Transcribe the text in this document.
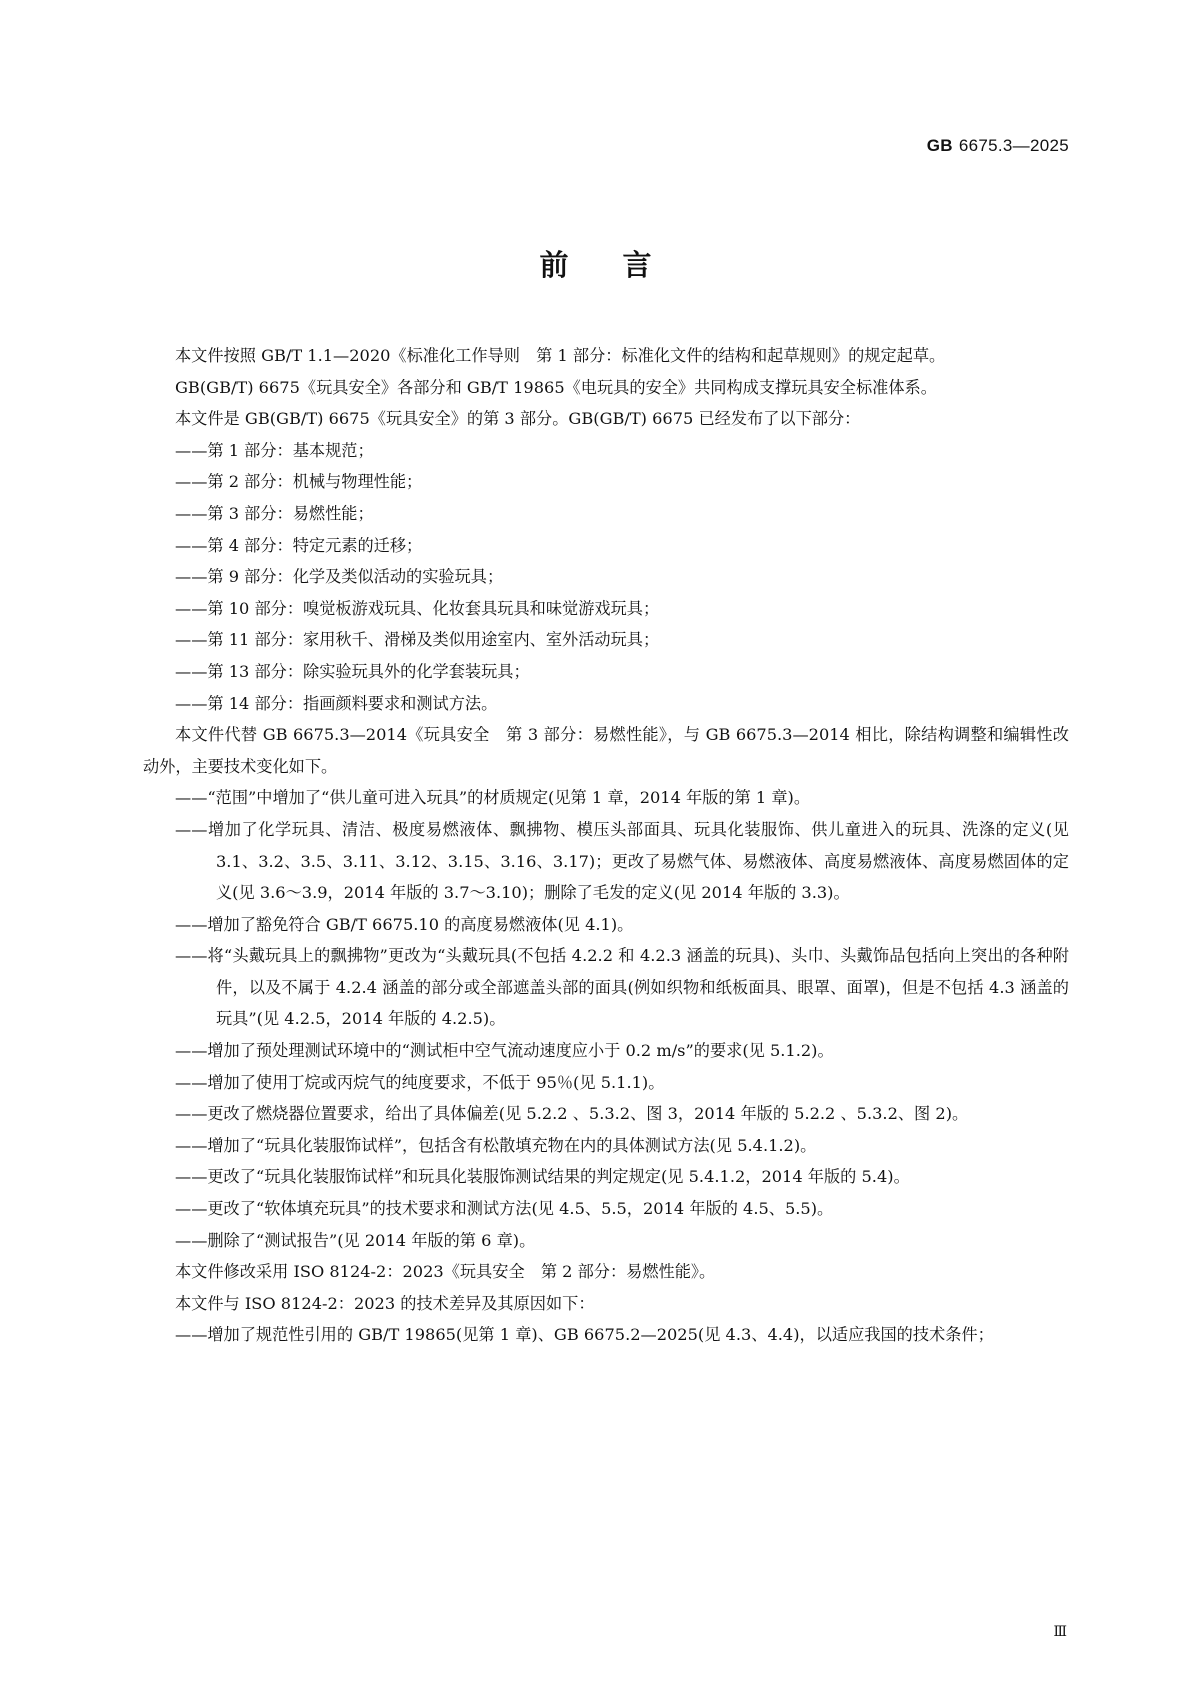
GB 6675.3—2025
前言

本文件按照 GB/T 1.1—2020《标准化工作导则　第 1 部分：标准化文件的结构和起草规则》的规定起草。

GB(GB/T) 6675《玩具安全》各部分和 GB/T 19865《电玩具的安全》共同构成支撑玩具安全标准体系。

本文件是 GB(GB/T) 6675《玩具安全》的第 3 部分。GB(GB/T) 6675 已经发布了以下部分：

——第 1 部分：基本规范；

——第 2 部分：机械与物理性能；

——第 3 部分：易燃性能；

——第 4 部分：特定元素的迁移；

——第 9 部分：化学及类似活动的实验玩具；

——第 10 部分：嗅觉板游戏玩具、化妆套具玩具和味觉游戏玩具；

——第 11 部分：家用秋千、滑梯及类似用途室内、室外活动玩具；

——第 13 部分：除实验玩具外的化学套装玩具；

——第 14 部分：指画颜料要求和测试方法。

本文件代替 GB 6675.3—2014《玩具安全　第 3 部分：易燃性能》，与 GB 6675.3—2014 相比，除结构调整和编辑性改动外，主要技术变化如下。

——“范围”中增加了“供儿童可进入玩具”的材质规定(见第 1 章，2014 年版的第 1 章)。

——增加了化学玩具、清洁、极度易燃液体、飘拂物、模压头部面具、玩具化装服饰、供儿童进入的玩具、洗涤的定义(见 3.1、3.2、3.5、3.11、3.12、3.15、3.16、3.17)；更改了易燃气体、易燃液体、高度易燃液体、高度易燃固体的定义(见 3.6～3.9，2014 年版的 3.7～3.10)；删除了毛发的定义(见 2014 年版的 3.3)。

——增加了豁免符合 GB/T 6675.10 的高度易燃液体(见 4.1)。

——将“头戴玩具上的飘拂物”更改为“头戴玩具(不包括 4.2.2 和 4.2.3 涵盖的玩具)、头巾、头戴饰品包括向上突出的各种附件，以及不属于 4.2.4 涵盖的部分或全部遮盖头部的面具(例如织物和纸板面具、眼罩、面罩)，但是不包括 4.3 涵盖的玩具”(见 4.2.5，2014 年版的 4.2.5)。

——增加了预处理测试环境中的“测试柜中空气流动速度应小于 0.2 m/s”的要求(见 5.1.2)。

——增加了使用丁烷或丙烷气的纯度要求，不低于 95％(见 5.1.1)。

——更改了燃烧器位置要求，给出了具体偏差(见 5.2.2 、5.3.2、图 3，2014 年版的 5.2.2 、5.3.2、图 2)。

——增加了“玩具化装服饰试样”，包括含有松散填充物在内的具体测试方法(见 5.4.1.2)。

——更改了“玩具化装服饰试样”和玩具化装服饰测试结果的判定规定(见 5.4.1.2，2014 年版的 5.4)。

——更改了“软体填充玩具”的技术要求和测试方法(见 4.5、5.5，2014 年版的 4.5、5.5)。

——删除了“测试报告”(见 2014 年版的第 6 章)。

本文件修改采用 ISO 8124-2：2023《玩具安全　第 2 部分：易燃性能》。

本文件与 ISO 8124-2：2023 的技术差异及其原因如下：

——增加了规范性引用的 GB/T 19865(见第 1 章)、GB 6675.2—2025(见 4.3、4.4)，以适应我国的技术条件；

Ⅲ
